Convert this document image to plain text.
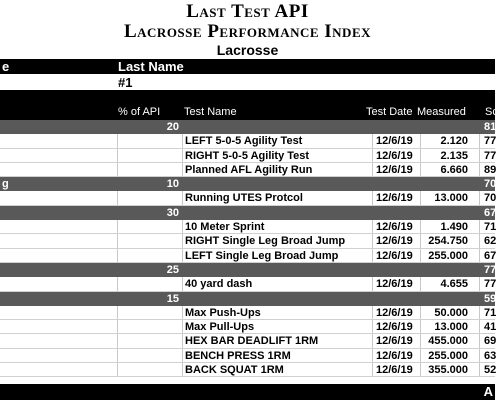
Last Test API
Lacrosse Performance Index
Lacrosse
e	Last Name
#1
% of API Test Name	Test Date Measured Sc
20	81
LEFT 5-0-5 Agility Test	12/6/19	2.120 77
RIGHT 5-0-5 Agility Test	12/6/19	2.135 77
Planned AFL Agility Run	12/6/19	6.660 89
g	10	70
Running UTES Protcol	12/6/19 13.000 70
30	67
10 Meter Sprint	12/6/19	1.490 71
RIGHT Single Leg Broad Jump	12/6/19 254.750 62
LEFT Single Leg Broad Jump	12/6/19 255.000 67
25	77
40 yard dash	12/6/19	4.655 77
15	59
Max Push-Ups	12/6/19 50.000 71
Max Pull-Ups	12/6/19 13.000 41
HEX BAR DEADLIFT 1RM	12/6/19 455.000 69
BENCH PRESS 1RM	12/6/19 255.000 63
BACK SQUAT 1RM	12/6/19 355.000 52
A
